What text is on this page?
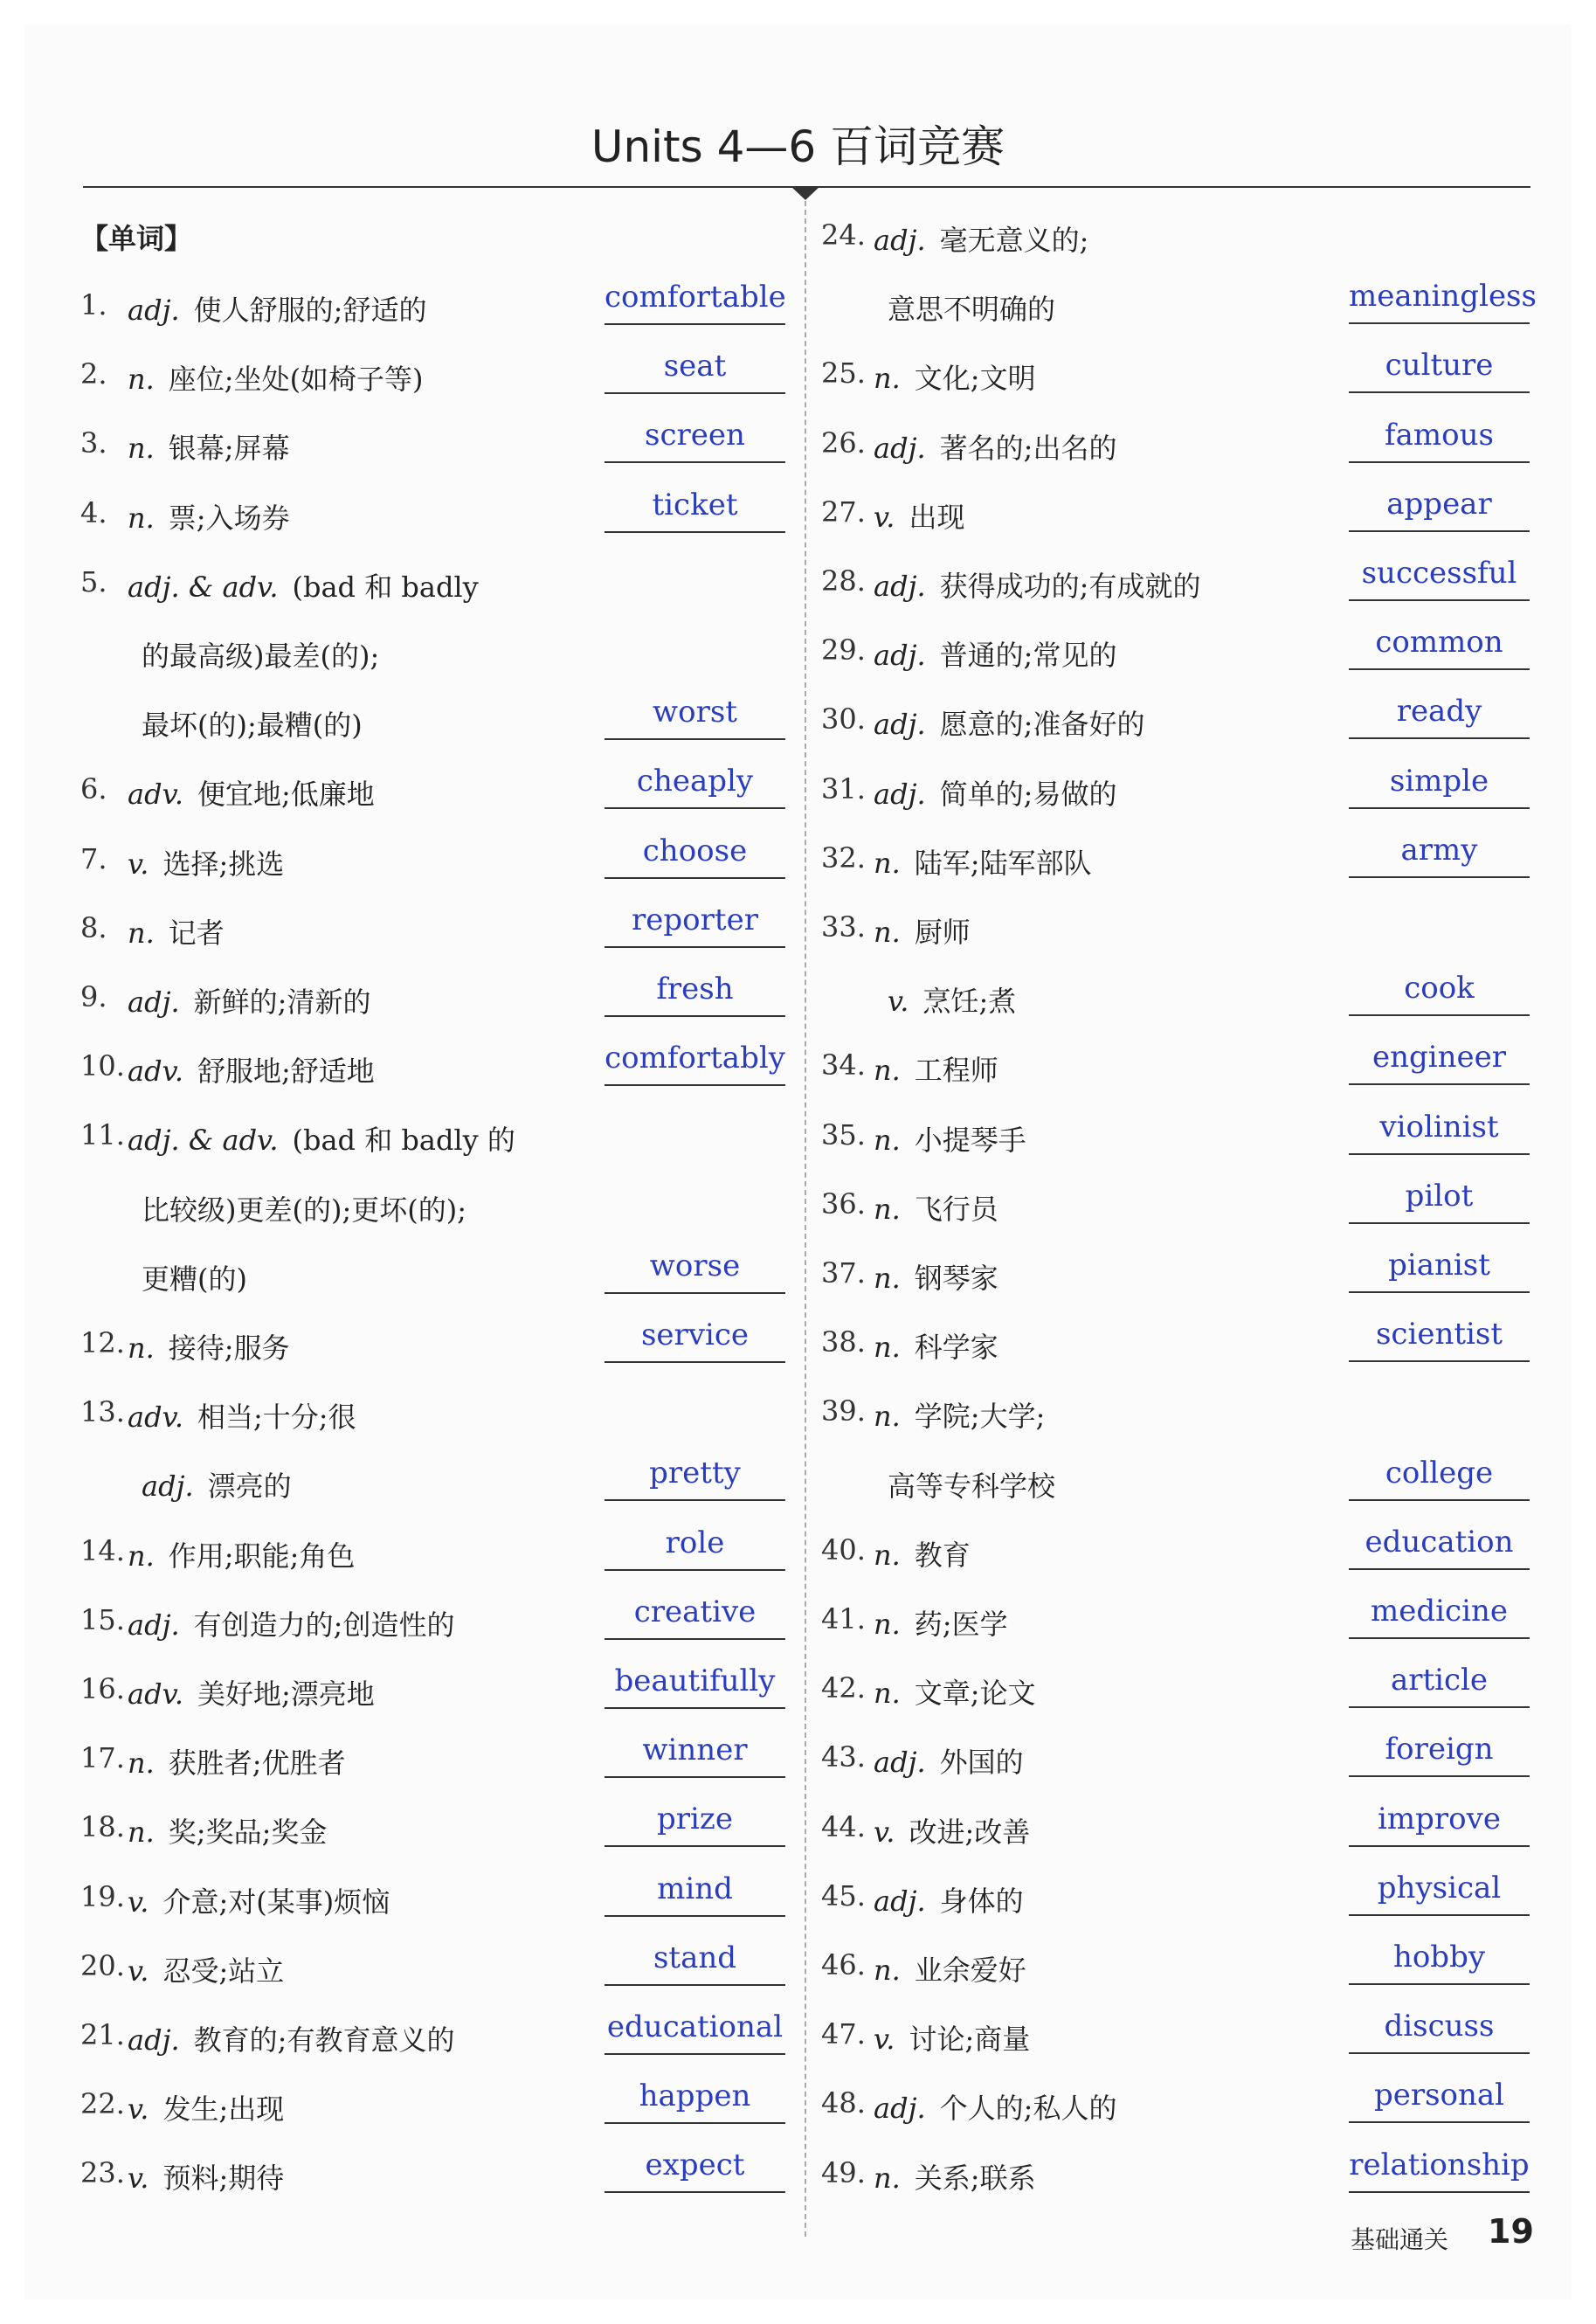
Units 4—6 百词竞赛
【单词】
1. adj. 使人舒服的;舒适的	comfortable
2. n. 座位;坐处(如椅子等)	seat
3. n. 银幕;屏幕	screen
4. n. 票;入场券	ticket
5. adj. & adv. (bad 和 badly
的最高级)最差(的);
最坏(的);最糟(的)	worst
6. adv. 便宜地;低廉地	cheaply
7. v. 选择;挑选	choose
8. n. 记者	reporter
9. adj. 新鲜的;清新的	fresh
10. adv. 舒服地;舒适地	comfortably
11. adj. & adv. (bad 和 badly 的
比较级)更差(的);更坏(的);
更糟(的)	worse
12. n. 接待;服务	service
13. adv. 相当;十分;很
adj. 漂亮的	pretty
14. n. 作用;职能;角色	role
15. adj. 有创造力的;创造性的	creative
16. adv. 美好地;漂亮地	beautifully
17. n. 获胜者;优胜者	winner
18. n. 奖;奖品;奖金	prize
19. v. 介意;对(某事)烦恼	mind
20. v. 忍受;站立	stand
21. adj. 教育的;有教育意义的	educational
22. v. 发生;出现	happen
23. v. 预料;期待	expect
24. adj. 毫无意义的;
意思不明确的	meaningless
25. n. 文化;文明	culture
26. adj. 著名的;出名的	famous
27. v. 出现	appear
28. adj. 获得成功的;有成就的	successful
29. adj. 普通的;常见的	common
30. adj. 愿意的;准备好的	ready
31. adj. 简单的;易做的	simple
32. n. 陆军;陆军部队	army
33. n. 厨师
v. 烹饪;煮	cook
34. n. 工程师	engineer
35. n. 小提琴手	violinist
36. n. 飞行员	pilot
37. n. 钢琴家	pianist
38. n. 科学家	scientist
39. n. 学院;大学;
高等专科学校	college
40. n. 教育	education
41. n. 药;医学	medicine
42. n. 文章;论文	article
43. adj. 外国的	foreign
44. v. 改进;改善	improve
45. adj. 身体的	physical
46. n. 业余爱好	hobby
47. v. 讨论;商量	discuss
48. adj. 个人的;私人的	personal
49. n. 关系;联系	relationship
基础通关 19
